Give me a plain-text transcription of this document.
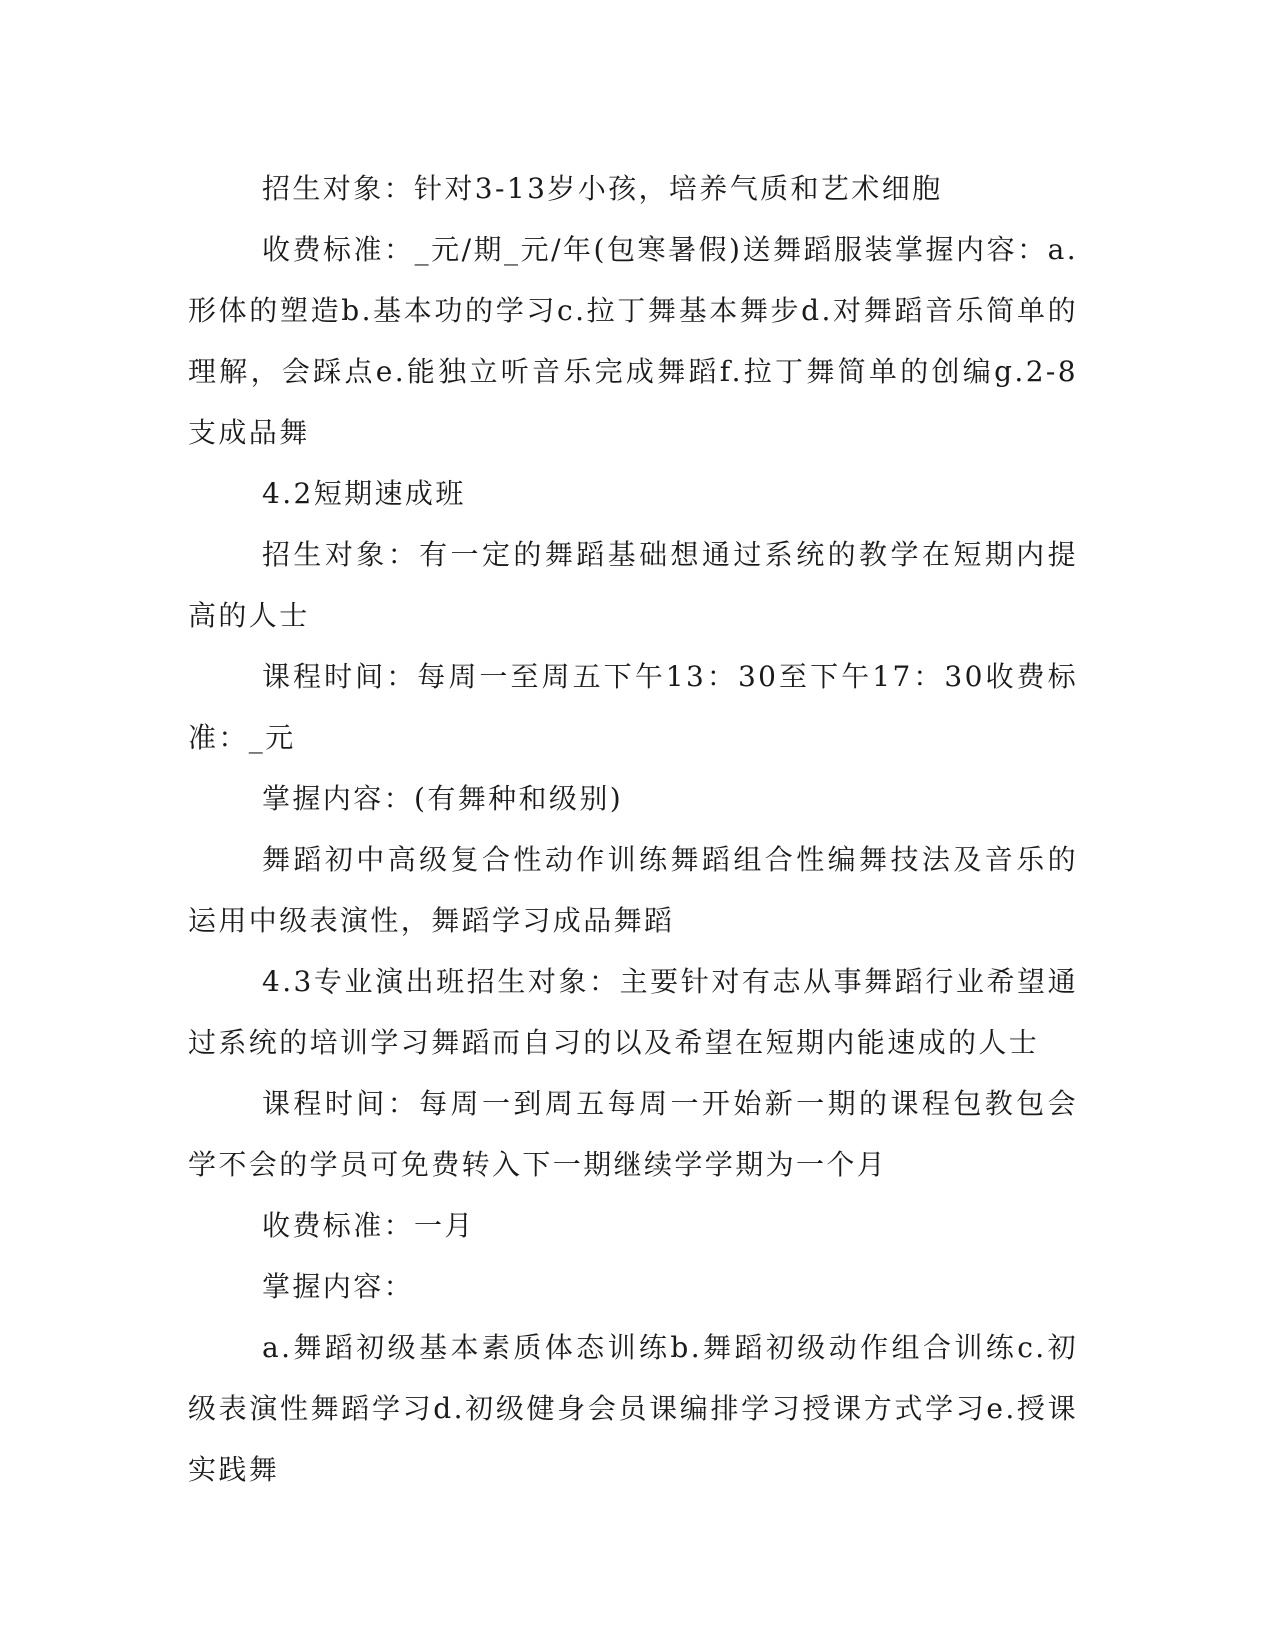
招生对象：针对3-13岁小孩，培养气质和艺术细胞

收费标准：_元/期_元/年(包寒暑假)送舞蹈服装掌握内容：a.形体的塑造b.基本功的学习c.拉丁舞基本舞步d.对舞蹈音乐简单的理解，会踩点e.能独立听音乐完成舞蹈f.拉丁舞简单的创编g.2-8支成品舞

4.2短期速成班

招生对象：有一定的舞蹈基础想通过系统的教学在短期内提高的人士

课程时间：每周一至周五下午13：30至下午17：30收费标准：_元

掌握内容：(有舞种和级别)

舞蹈初中高级复合性动作训练舞蹈组合性编舞技法及音乐的运用中级表演性，舞蹈学习成品舞蹈

4.3专业演出班招生对象：主要针对有志从事舞蹈行业希望通过系统的培训学习舞蹈而自习的以及希望在短期内能速成的人士

课程时间：每周一到周五每周一开始新一期的课程包教包会学不会的学员可免费转入下一期继续学学期为一个月

收费标准：一月

掌握内容：

a.舞蹈初级基本素质体态训练b.舞蹈初级动作组合训练c.初级表演性舞蹈学习d.初级健身会员课编排学习授课方式学习e.授课实践舞
